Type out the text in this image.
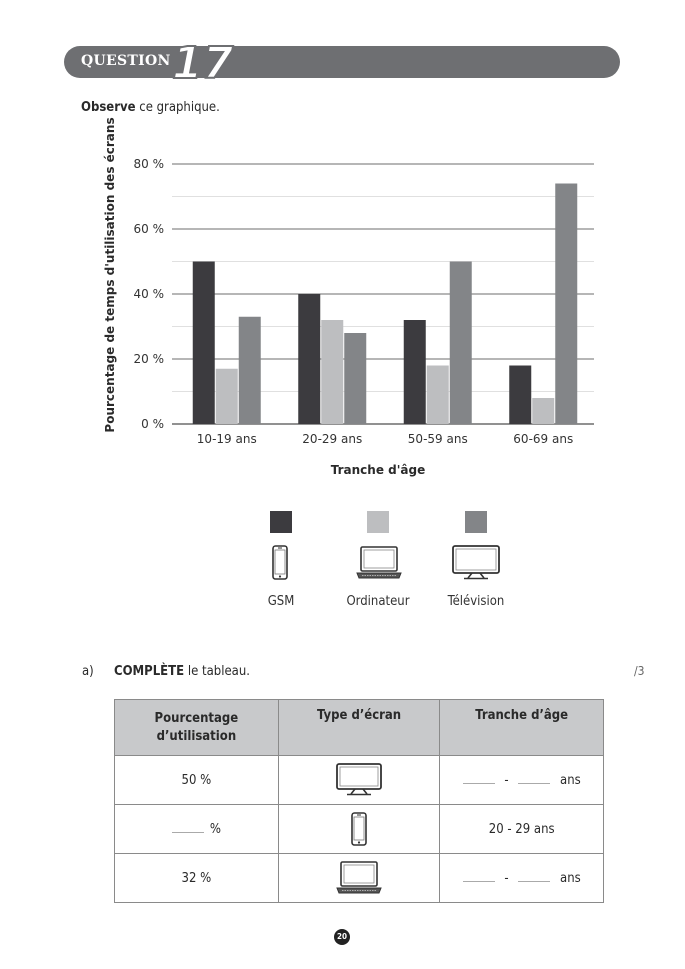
QUESTION 17
Observe ce graphique.
0 %
20 %
40 %
60 %
80 %
10-19 ans	20-29 ans	50-59 ans	60-69 ans
Pourcentage de temps d'utilisation des écrans
Tranche d'âge
GSM	Ordinateur	Télévision
a) COMPLÈTE le tableau.	/3
Pourcentage d’utilisation	Type d’écran	Tranche d’âge
50 %		- ans
%		20 - 29 ans
32 %		- ans
20
